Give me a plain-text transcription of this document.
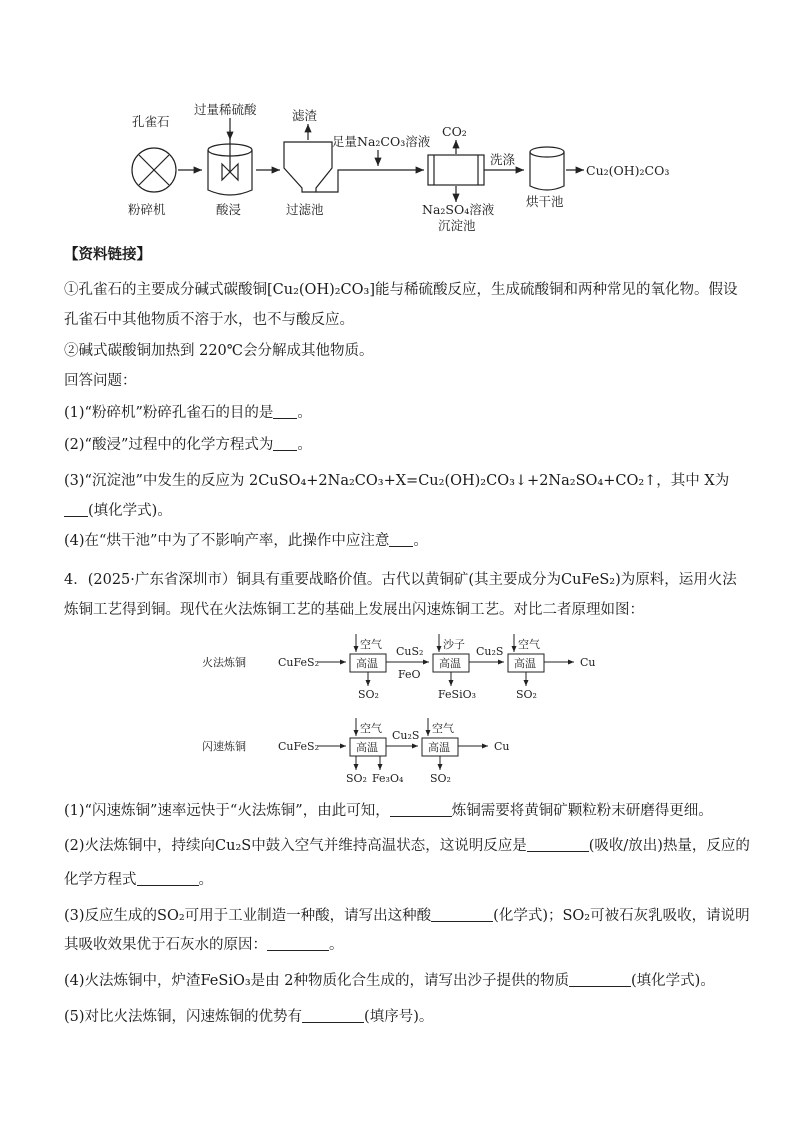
孔雀石
粉碎机
过量稀硫酸
酸浸
滤渣
过滤池
足量Na₂CO₃溶液
CO₂
洗涤
Na₂SO₄溶液
沉淀池
烘干池
Cu₂(OH)₂CO₃
【资料链接】
①孔雀石的主要成分碱式碳酸铜[Cu₂(OH)₂CO₃]能与稀硫酸反应，生成硫酸铜和两种常见的氧化物。假设孔雀石中其他物质不溶于水，也不与酸反应。
②碱式碳酸铜加热到 220℃会分解成其他物质。
回答问题：
(1)“粉碎机”粉碎孔雀石的目的是 。
(2)“酸浸”过程中的化学方程式为 。
(3)“沉淀池”中发生的反应为 2CuSO₄+2Na₂CO₃+X=Cu₂(OH)₂CO₃↓+2Na₂SO₄+CO₂↑，其中 X为(填化学式)。
(4)在“烘干池”中为了不影响产率，此操作中应注意 。
4．(2025·广东省深圳市）铜具有重要战略价值。古代以黄铜矿(其主要成分为CuFeS₂)为原料，运用火法炼铜工艺得到铜。现代在火法炼铜工艺的基础上发展出闪速炼铜工艺。对比二者原理如图：
火法炼铜	CuFeS₂
空气
高温
SO₂
CuS₂
FeO
沙子
高温
FeSiO₃
Cu₂S
空气
高温
SO₂
Cu
闪速炼铜	CuFeS₂
空气
高温
SO₂ Fe₃O₄
Cu₂S
空气
高温
SO₂
Cu
(1)“闪速炼铜”速率远快于“火法炼铜”，由此可知，	炼铜需要将黄铜矿颗粒粉末研磨得更细。
(2)火法炼铜中，持续向Cu₂S中鼓入空气并维持高温状态，这说明反应是	(吸收/放出)热量，反应的
化学方程式	。
(3)反应生成的SO₂可用于工业制造一种酸，请写出这种酸	(化学式)；SO₂可被石灰乳吸收，请说明
其吸收效果优于石灰水的原因：	。
(4)火法炼铜中，炉渣FeSiO₃是由 2种物质化合生成的，请写出沙子提供的物质	(填化学式)。
(5)对比火法炼铜，闪速炼铜的优势有	(填序号)。
